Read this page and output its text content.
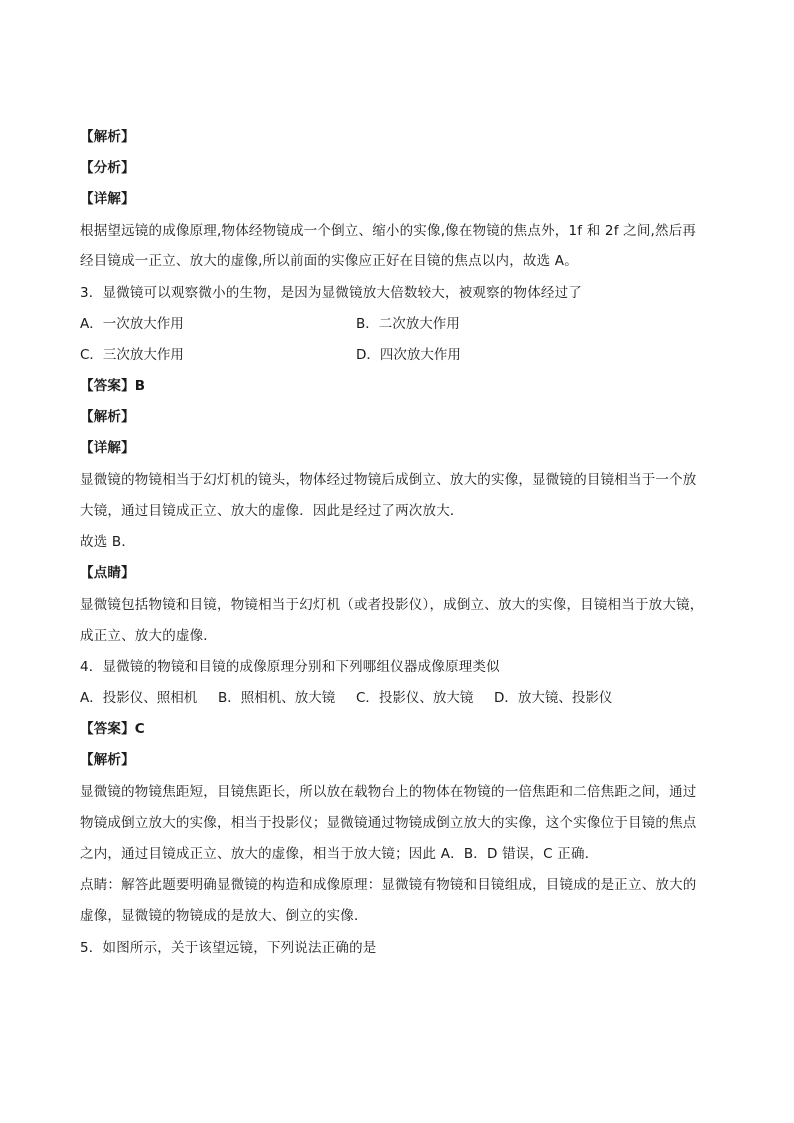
【解析】
【分析】
【详解】
根据望远镜的成像原理,物体经物镜成一个倒立、缩小的实像,像在物镜的焦点外，1f 和 2f 之间,然后再
经目镜成一正立、放大的虚像,所以前面的实像应正好在目镜的焦点以内，故选 A。
3．显微镜可以观察微小的生物，是因为显微镜放大倍数较大，被观察的物体经过了
A．一次放大作用	B．二次放大作用
C．三次放大作用	D．四次放大作用
【答案】B
【解析】
【详解】
显微镜的物镜相当于幻灯机的镜头，物体经过物镜后成倒立、放大的实像，显微镜的目镜相当于一个放
大镜，通过目镜成正立、放大的虚像．因此是经过了两次放大．
故选 B．
【点睛】
显微镜包括物镜和目镜，物镜相当于幻灯机（或者投影仪），成倒立、放大的实像，目镜相当于放大镜，
成正立、放大的虚像．
4．显微镜的物镜和目镜的成像原理分别和下列哪组仪器成像原理类似
A．投影仪、照相机 B．照相机、放大镜 C．投影仪、放大镜 D．放大镜、投影仪
【答案】C
【解析】
显微镜的物镜焦距短，目镜焦距长，所以放在载物台上的物体在物镜的一倍焦距和二倍焦距之间，通过
物镜成倒立放大的实像，相当于投影仪；显微镜通过物镜成倒立放大的实像，这个实像位于目镜的焦点
之内，通过目镜成正立、放大的虚像，相当于放大镜；因此 A．B．D 错误，C 正确．
点睛：解答此题要明确显微镜的构造和成像原理：显微镜有物镜和目镜组成，目镜成的是正立、放大的
虚像，显微镜的物镜成的是放大、倒立的实像．
5．如图所示，关于该望远镜，下列说法正确的是
